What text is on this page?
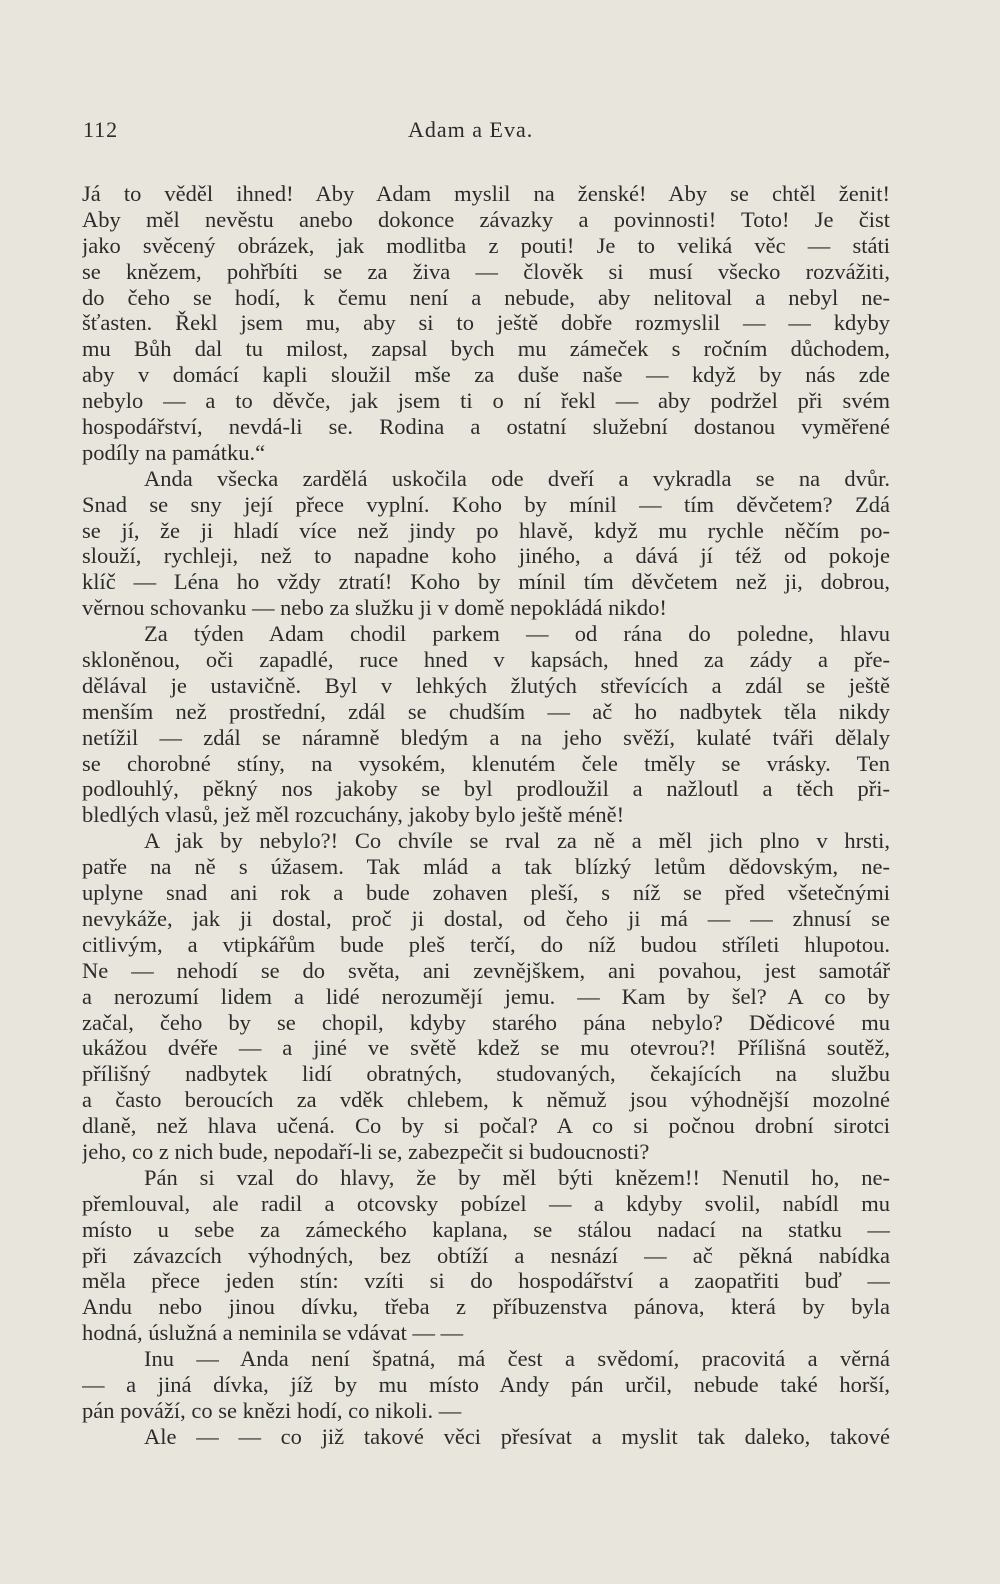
112	Adam a Eva.
Já to věděl ihned! Aby Adam myslil na ženské! Aby se chtěl ženit!
Aby měl nevěstu anebo dokonce závazky a povinnosti! Toto! Je čist
jako svěcený obrázek, jak modlitba z pouti! Je to veliká věc — státi
se knězem, pohřbíti se za živa — člověk si musí všecko rozvážiti,
do čeho se hodí, k čemu není a nebude, aby nelitoval a nebyl ne-
šťasten. Řekl jsem mu, aby si to ještě dobře rozmyslil — — kdyby
mu Bůh dal tu milost, zapsal bych mu zámeček s ročním důchodem,
aby v domácí kapli sloužil mše za duše naše — když by nás zde
nebylo — a to děvče, jak jsem ti o ní řekl — aby podržel při svém
hospodářství, nevdá-li se. Rodina a ostatní služební dostanou vyměřené
podíly na památku.“
Anda všecka zardělá uskočila ode dveří a vykradla se na dvůr.
Snad se sny její přece vyplní. Koho by mínil — tím děvčetem? Zdá
se jí, že ji hladí více než jindy po hlavě, když mu rychle něčím po-
slouží, rychleji, než to napadne koho jiného, a dává jí též od pokoje
klíč — Léna ho vždy ztratí! Koho by mínil tím děvčetem než ji, dobrou,
věrnou schovanku — nebo za služku ji v domě nepokládá nikdo!
Za týden Adam chodil parkem — od rána do poledne, hlavu
skloněnou, oči zapadlé, ruce hned v kapsách, hned za zády a pře-
dělával je ustavičně. Byl v lehkých žlutých střevících a zdál se ještě
menším než prostřední, zdál se chudším — ač ho nadbytek těla nikdy
netížil — zdál se náramně bledým a na jeho svěží, kulaté tváři dělaly
se chorobné stíny, na vysokém, klenutém čele tměly se vrásky. Ten
podlouhlý, pěkný nos jakoby se byl prodloužil a nažloutl a těch při-
bledlých vlasů, jež měl rozcuchány, jakoby bylo ještě méně!
A jak by nebylo?! Co chvíle se rval za ně a měl jich plno v hrsti,
patře na ně s úžasem. Tak mlád a tak blízký letům dědovským, ne-
uplyne snad ani rok a bude zohaven pleší, s níž se před všetečnými
nevykáže, jak ji dostal, proč ji dostal, od čeho ji má — — zhnusí se
citlivým, a vtipkářům bude pleš terčí, do níž budou stříleti hlupotou.
Ne — nehodí se do světa, ani zevnějškem, ani povahou, jest samotář
a nerozumí lidem a lidé nerozumějí jemu. — Kam by šel? A co by
začal, čeho by se chopil, kdyby starého pána nebylo? Dědicové mu
ukážou dvéře — a jiné ve světě kdež se mu otevrou?! Přílišná soutěž,
přílišný nadbytek lidí obratných, studovaných, čekajících na službu
a často beroucích za vděk chlebem, k němuž jsou výhodnější mozolné
dlaně, než hlava učená. Co by si počal? A co si počnou drobní sirotci
jeho, co z nich bude, nepodaří-li se, zabezpečit si budoucnosti?
Pán si vzal do hlavy, že by měl býti knězem!! Nenutil ho, ne-
přemlouval, ale radil a otcovsky pobízel — a kdyby svolil, nabídl mu
místo u sebe za zámeckého kaplana, se stálou nadací na statku —
při závazcích výhodných, bez obtíží a nesnází — ač pěkná nabídka
měla přece jeden stín: vzíti si do hospodářství a zaopatřiti buď —
Andu nebo jinou dívku, třeba z příbuzenstva pánova, která by byla
hodná, úslužná a neminila se vdávat — —
Inu — Anda není špatná, má čest a svědomí, pracovitá a věrná
— a jiná dívka, jíž by mu místo Andy pán určil, nebude také horší,
pán pováží, co se knězi hodí, co nikoli. —
Ale — — co již takové věci přesívat a myslit tak daleko, takové
